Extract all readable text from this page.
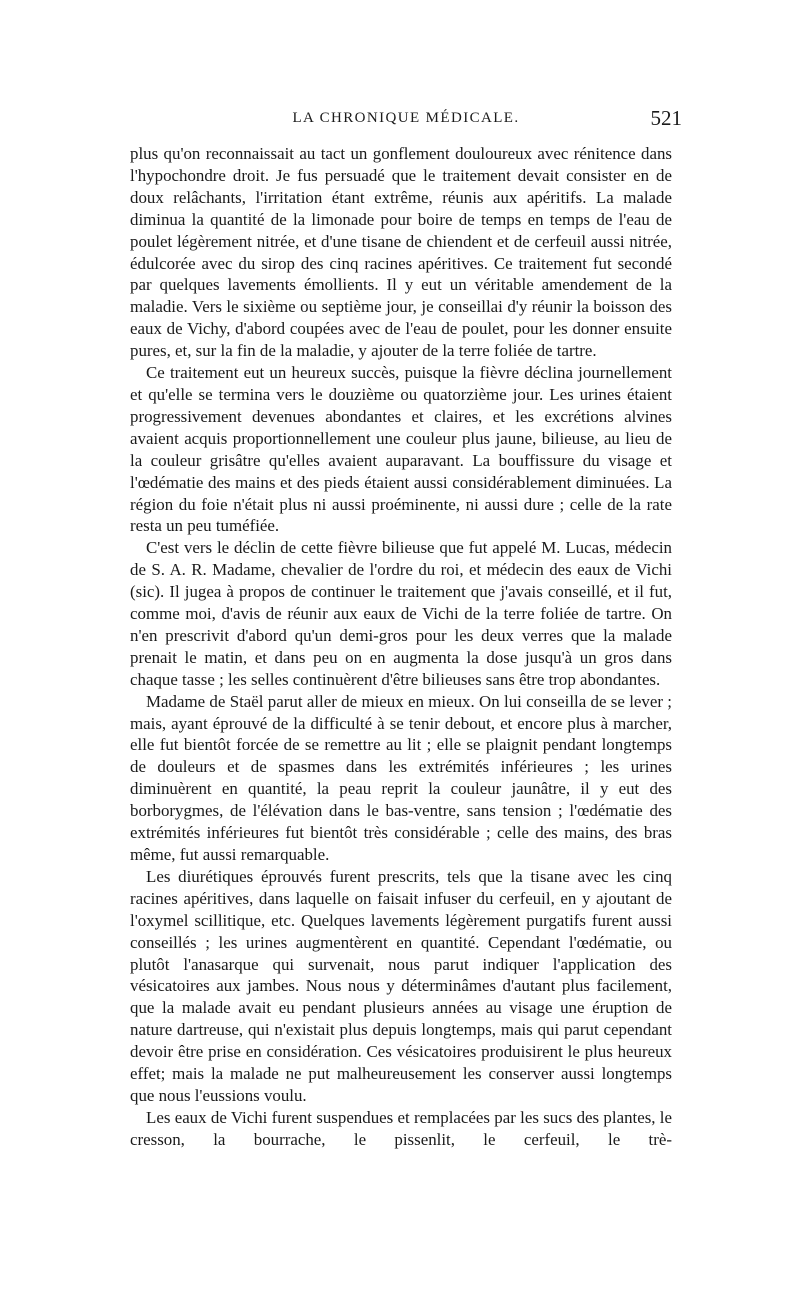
LA CHRONIQUE MÉDICALE.	521

plus qu'on reconnaissait au tact un gonflement douloureux avec rénitence dans l'hypochondre droit. Je fus persuadé que le traitement devait consister en de doux relâchants, l'irritation étant extrême, réunis aux apéritifs. La malade diminua la quantité de la limonade pour boire de temps en temps de l'eau de poulet légèrement nitrée, et d'une tisane de chiendent et de cerfeuil aussi nitrée, édulcorée avec du sirop des cinq racines apéritives. Ce traitement fut secondé par quelques lavements émollients. Il y eut un véritable amendement de la maladie. Vers le sixième ou septième jour, je conseillai d'y réunir la boisson des eaux de Vichy, d'abord coupées avec de l'eau de poulet, pour les donner ensuite pures, et, sur la fin de la maladie, y ajouter de la terre foliée de tartre.

Ce traitement eut un heureux succès, puisque la fièvre déclina journellement et qu'elle se termina vers le douzième ou quatorzième jour. Les urines étaient progressivement devenues abondantes et claires, et les excrétions alvines avaient acquis proportionnellement une couleur plus jaune, bilieuse, au lieu de la couleur grisâtre qu'elles avaient auparavant. La bouffissure du visage et l'œdématie des mains et des pieds étaient aussi considérablement diminuées. La région du foie n'était plus ni aussi proéminente, ni aussi dure ; celle de la rate resta un peu tuméfiée.

C'est vers le déclin de cette fièvre bilieuse que fut appelé M. Lucas, médecin de S. A. R. Madame, chevalier de l'ordre du roi, et médecin des eaux de Vichi (sic). Il jugea à propos de continuer le traitement que j'avais conseillé, et il fut, comme moi, d'avis de réunir aux eaux de Vichi de la terre foliée de tartre. On n'en prescrivit d'abord qu'un demi-gros pour les deux verres que la malade prenait le matin, et dans peu on en augmenta la dose jusqu'à un gros dans chaque tasse ; les selles continuèrent d'être bilieuses sans être trop abondantes.

Madame de Staël parut aller de mieux en mieux. On lui conseilla de se lever ; mais, ayant éprouvé de la difficulté à se tenir debout, et encore plus à marcher, elle fut bientôt forcée de se remettre au lit ; elle se plaignit pendant longtemps de douleurs et de spasmes dans les extrémités inférieures ; les urines diminuèrent en quantité, la peau reprit la couleur jaunâtre, il y eut des borborygmes, de l'élévation dans le bas-ventre, sans tension ; l'œdématie des extrémités inférieures fut bientôt très considérable ; celle des mains, des bras même, fut aussi remarquable.

Les diurétiques éprouvés furent prescrits, tels que la tisane avec les cinq racines apéritives, dans laquelle on faisait infuser du cerfeuil, en y ajoutant de l'oxymel scillitique, etc. Quelques lavements légèrement purgatifs furent aussi conseillés ; les urines augmentèrent en quantité. Cependant l'œdématie, ou plutôt l'anasarque qui survenait, nous parut indiquer l'application des vésicatoires aux jambes. Nous nous y déterminâmes d'autant plus facilement, que la malade avait eu pendant plusieurs années au visage une éruption de nature dartreuse, qui n'existait plus depuis longtemps, mais qui parut cependant devoir être prise en considération. Ces vésicatoires produisirent le plus heureux effet; mais la malade ne put malheureusement les conserver aussi longtemps que nous l'eussions voulu.

Les eaux de Vichi furent suspendues et remplacées par les sucs des plantes, le cresson, la bourrache, le pissenlit, le cerfeuil, le trè-
